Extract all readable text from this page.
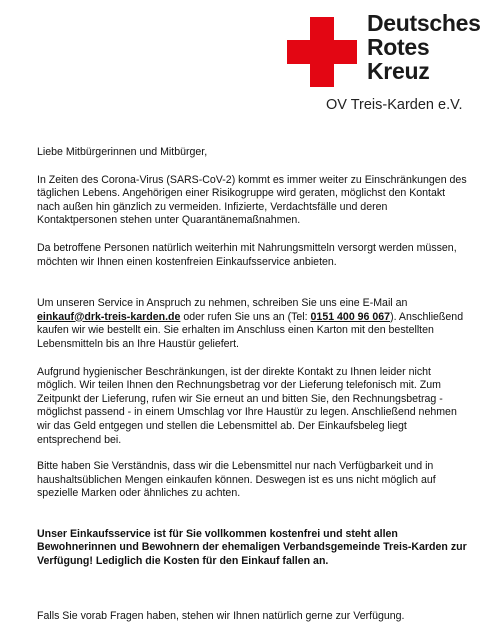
Deutsches
Rotes
Kreuz
OV Treis-Karden e.V.

Liebe Mitbürgerinnen und Mitbürger,

In Zeiten des Corona-Virus (SARS-CoV-2) kommt es immer weiter zu Einschränkungen des täglichen Lebens. Angehörigen einer Risikogruppe wird geraten, möglichst den Kontakt nach außen hin gänzlich zu vermeiden. Infizierte, Verdachtsfälle und deren Kontaktpersonen stehen unter Quarantänemaßnahmen.

Da betroffene Personen natürlich weiterhin mit Nahrungsmitteln versorgt werden müssen, möchten wir Ihnen einen kostenfreien Einkaufsservice anbieten.

Um unseren Service in Anspruch zu nehmen, schreiben Sie uns eine E-Mail an
einkauf@drk-treis-karden.de oder rufen Sie uns an (Tel: 0151 400 96 067). Anschließend kaufen wir wie bestellt ein. Sie erhalten im Anschluss einen Karton mit den bestellten Lebensmitteln bis an Ihre Haustür geliefert.

Aufgrund hygienischer Beschränkungen, ist der direkte Kontakt zu Ihnen leider nicht möglich. Wir teilen Ihnen den Rechnungsbetrag vor der Lieferung telefonisch mit. Zum Zeitpunkt der Lieferung, rufen wir Sie erneut an und bitten Sie, den Rechnungsbetrag - möglichst passend - in einem Umschlag vor Ihre Haustür zu legen. Anschließend nehmen wir das Geld entgegen und stellen die Lebensmittel ab. Der Einkaufsbeleg liegt entsprechend bei.

Bitte haben Sie Verständnis, dass wir die Lebensmittel nur nach Verfügbarkeit und in haushaltsüblichen Mengen einkaufen können. Deswegen ist es uns nicht möglich auf spezielle Marken oder ähnliches zu achten.

Unser Einkaufsservice ist für Sie vollkommen kostenfrei und steht allen Bewohnerinnen und Bewohnern der ehemaligen Verbandsgemeinde Treis-Karden zur Verfügung! Lediglich die Kosten für den Einkauf fallen an.

Falls Sie vorab Fragen haben, stehen wir Ihnen natürlich gerne zur Verfügung.
